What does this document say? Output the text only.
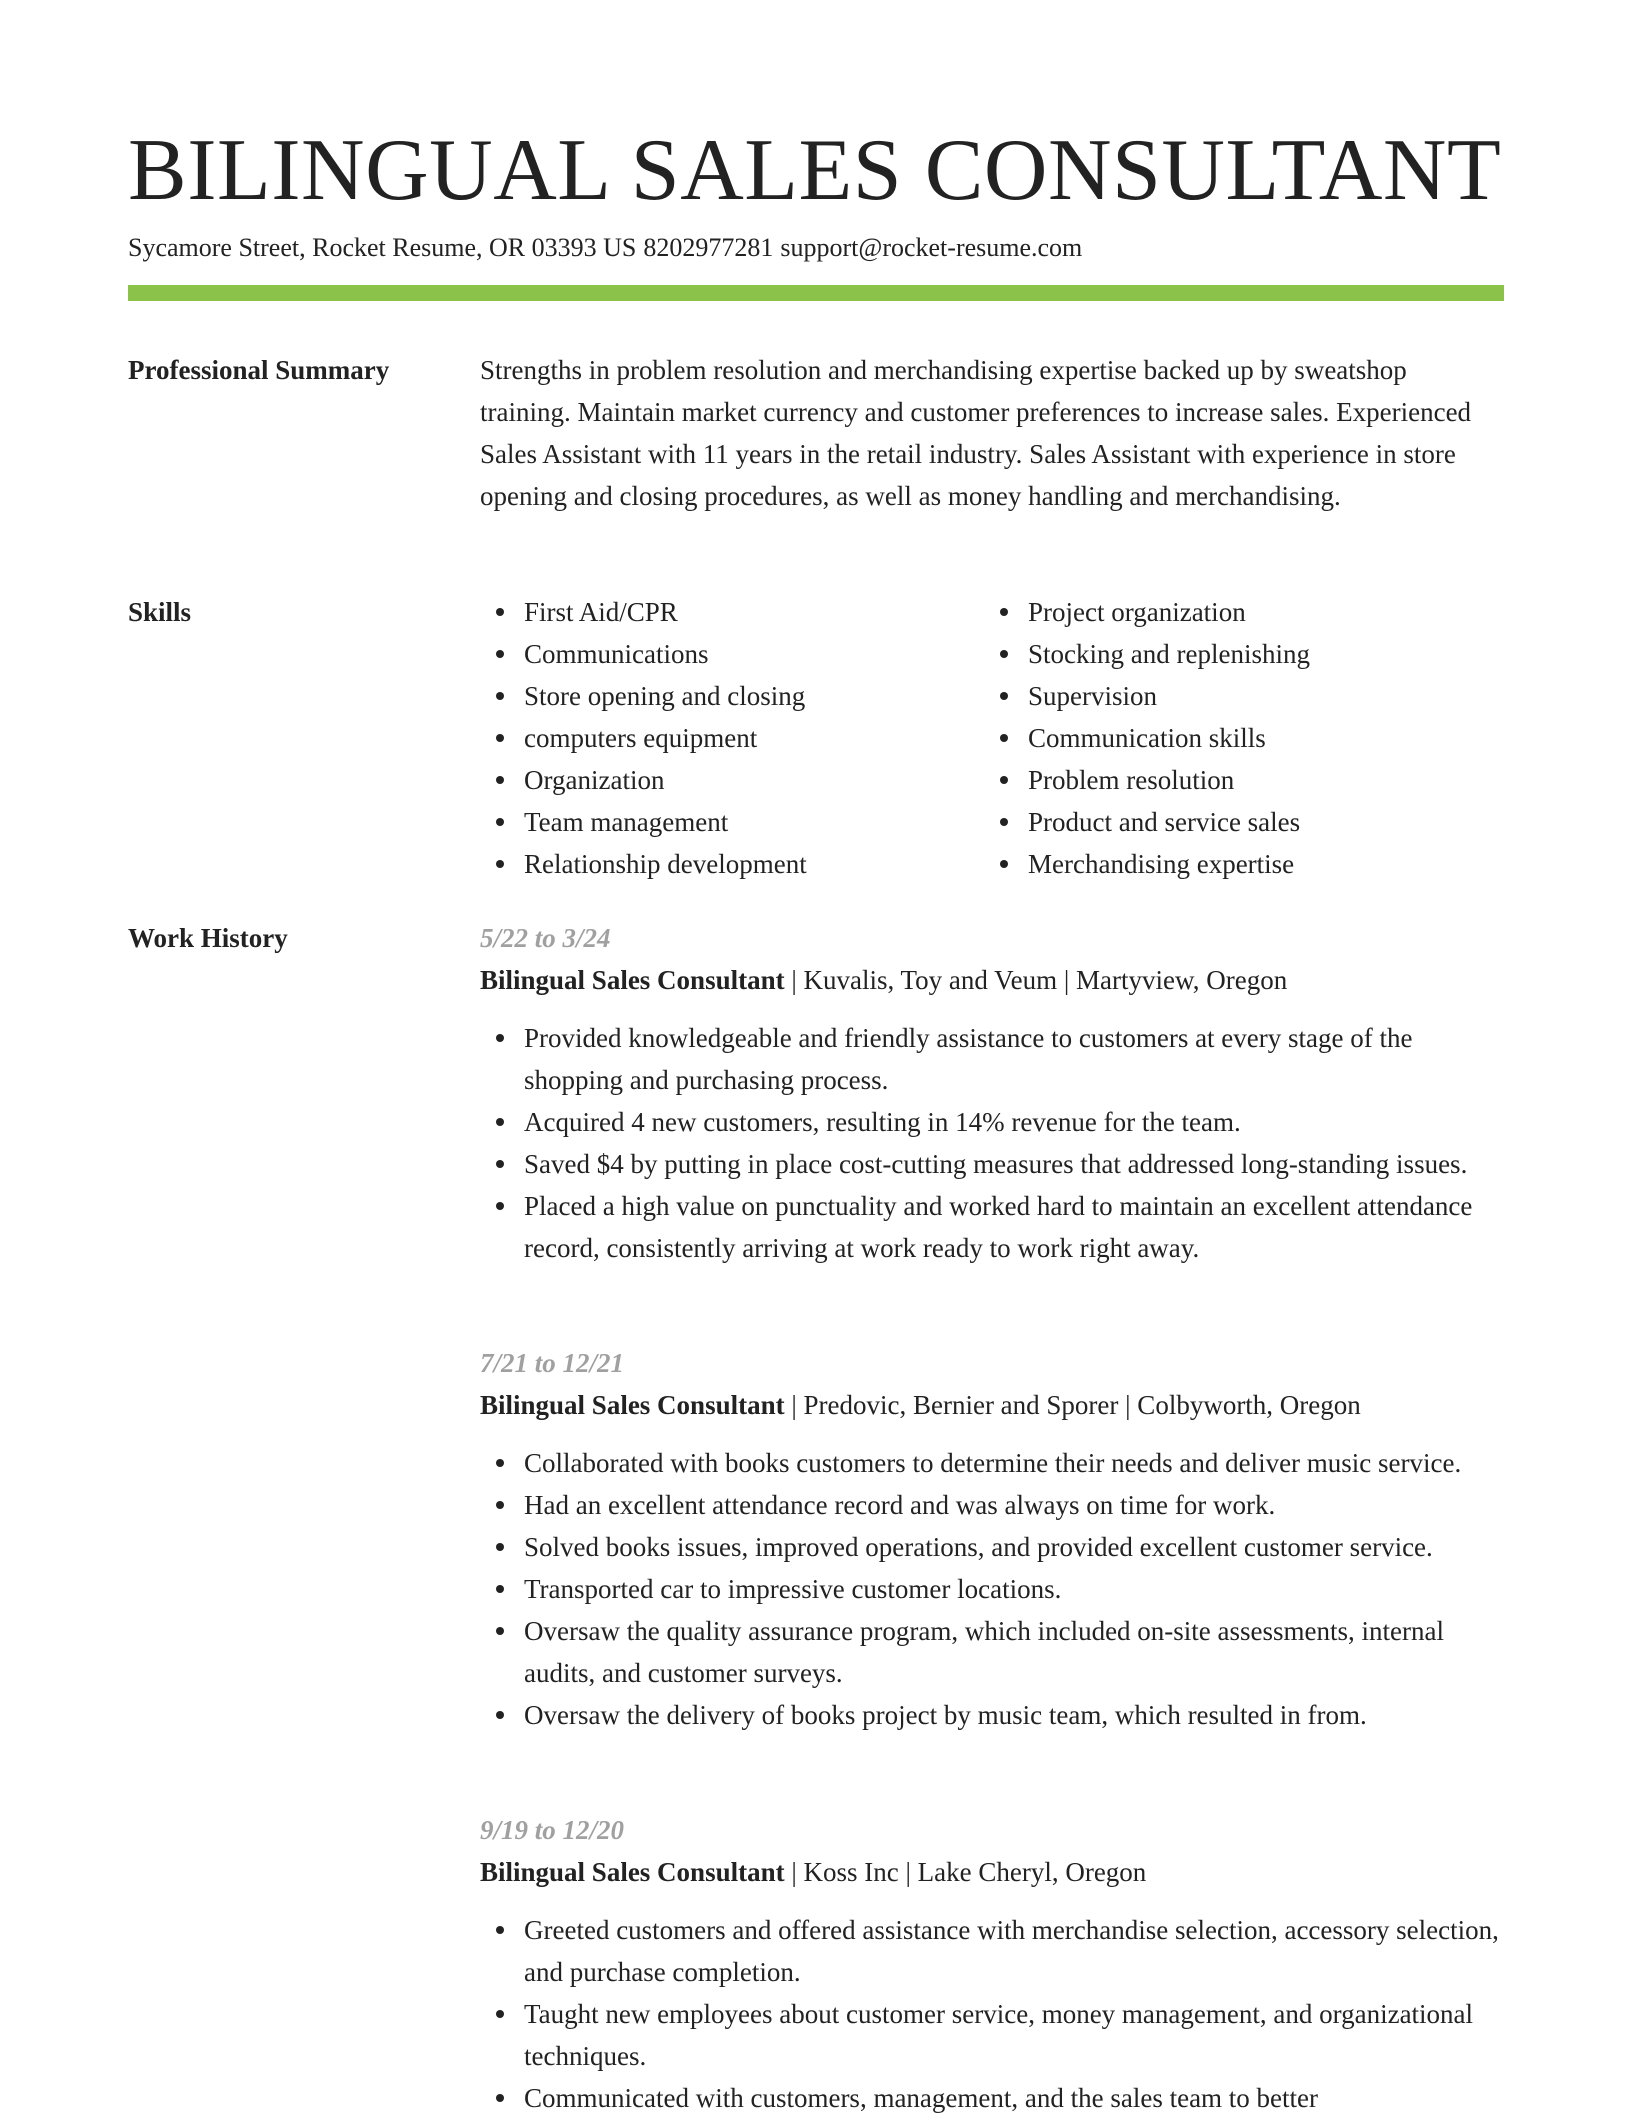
BILINGUAL SALES CONSULTANT
Sycamore Street, Rocket Resume, OR 03393 US 8202977281 support@rocket-resume.com
Professional Summary	Strengths in problem resolution and merchandising expertise backed up by sweatshop training. Maintain market currency and customer preferences to increase sales. Experienced Sales Assistant with 11 years in the retail industry. Sales Assistant with experience in store opening and closing procedures, as well as money handling and merchandising.

Skills	First Aid/CPR
Communications
Store opening and closing
computers equipment
Organization
Team management
Relationship development
Project organization
Stocking and replenishing
Supervision
Communication skills
Problem resolution
Product and service sales
Merchandising expertise
Work History	5/22 to 3/24
Bilingual Sales Consultant | Kuvalis, Toy and Veum | Martyview, Oregon
Provided knowledgeable and friendly assistance to customers at every stage of the shopping and purchasing process.
Acquired 4 new customers, resulting in 14% revenue for the team.
Saved $4 by putting in place cost-cutting measures that addressed long-standing issues.
Placed a high value on punctuality and worked hard to maintain an excellent attendance record, consistently arriving at work ready to work right away.
7/21 to 12/21
Bilingual Sales Consultant | Predovic, Bernier and Sporer | Colbyworth, Oregon
Collaborated with books customers to determine their needs and deliver music service.
Had an excellent attendance record and was always on time for work.
Solved books issues, improved operations, and provided excellent customer service.
Transported car to impressive customer locations.
Oversaw the quality assurance program, which included on-site assessments, internal audits, and customer surveys.
Oversaw the delivery of books project by music team, which resulted in from.
9/19 to 12/20
Bilingual Sales Consultant | Koss Inc | Lake Cheryl, Oregon
Greeted customers and offered assistance with merchandise selection, accessory selection, and purchase completion.
Taught new employees about customer service, money management, and organizational techniques.
Communicated with customers, management, and the sales team to better
